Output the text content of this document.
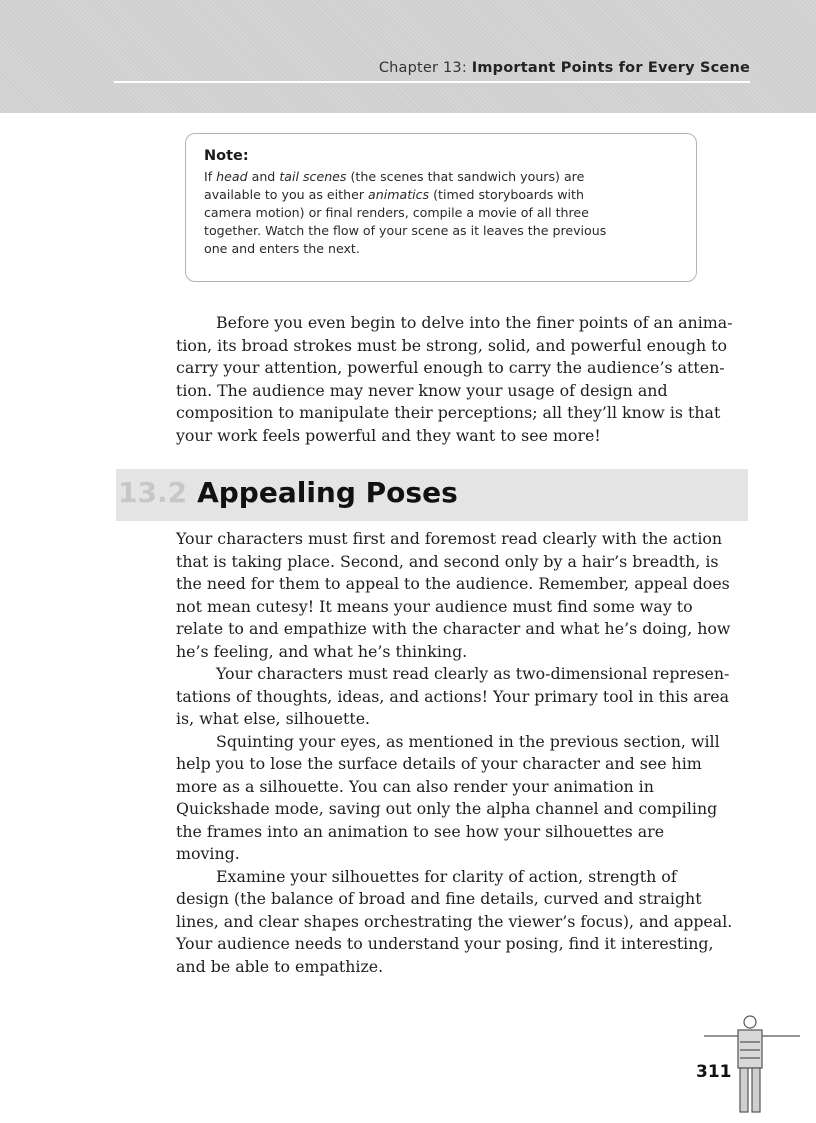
Chapter 13: Important Points for Every Scene

Note:

If head and tail scenes (the scenes that sandwich yours) are
available to you as either animatics (timed storyboards with
camera motion) or final renders, compile a movie of all three
together. Watch the flow of your scene as it leaves the previous
one and enters the next.

Before you even begin to delve into the finer points of an anima-
tion, its broad strokes must be strong, solid, and powerful enough to
carry your attention, powerful enough to carry the audience’s atten-
tion. The audience may never know your usage of design and
composition to manipulate their perceptions; all they’ll know is that
your work feels powerful and they want to see more!

13.2 Appealing Poses

Your characters must first and foremost read clearly with the action
that is taking place. Second, and second only by a hair’s breadth, is
the need for them to appeal to the audience. Remember, appeal does
not mean cutesy! It means your audience must find some way to
relate to and empathize with the character and what he’s doing, how
he’s feeling, and what he’s thinking.

Your characters must read clearly as two-dimensional represen-
tations of thoughts, ideas, and actions! Your primary tool in this area
is, what else, silhouette.

Squinting your eyes, as mentioned in the previous section, will
help you to lose the surface details of your character and see him
more as a silhouette. You can also render your animation in
Quickshade mode, saving out only the alpha channel and compiling
the frames into an animation to see how your silhouettes are
moving.

Examine your silhouettes for clarity of action, strength of
design (the balance of broad and fine details, curved and straight
lines, and clear shapes orchestrating the viewer’s focus), and appeal.
Your audience needs to understand your posing, find it interesting,
and be able to empathize.

311
